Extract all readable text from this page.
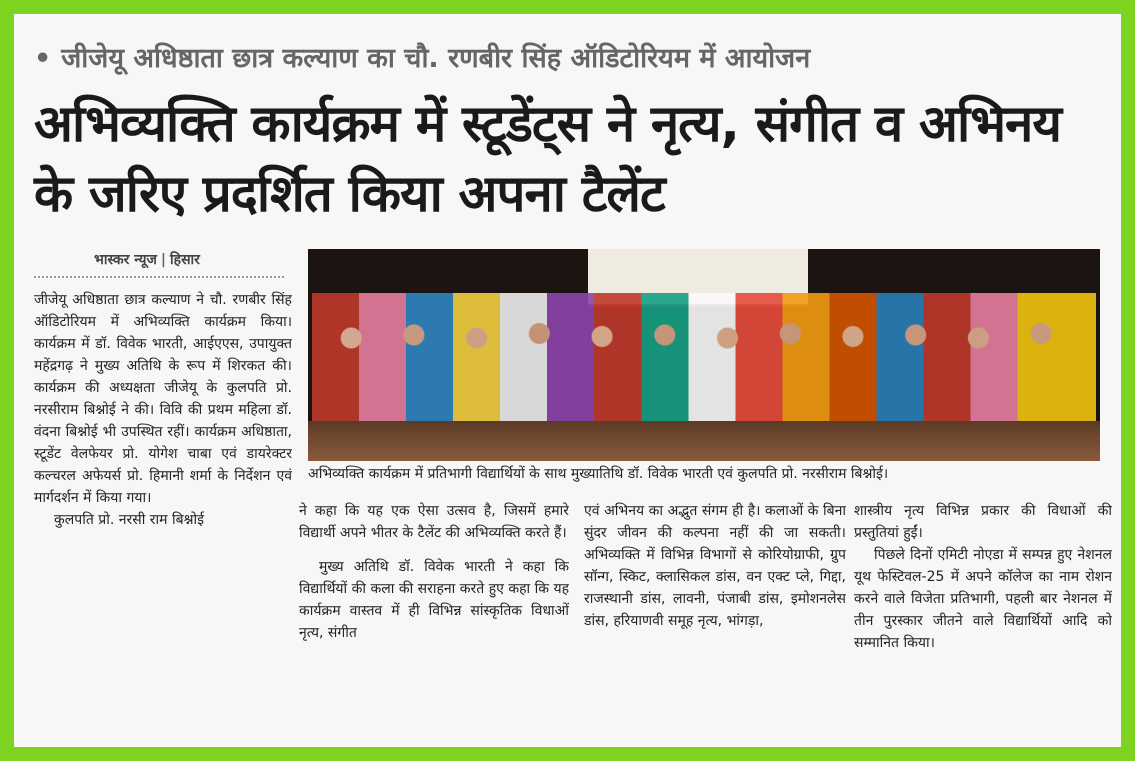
• जीजेयू अधिष्ठाता छात्र कल्याण का चौ. रणबीर सिंह ऑडिटोरियम में आयोजन
अभिव्यक्ति कार्यक्रम में स्टूडेंट्स ने नृत्य, संगीत व अभिनय के जरिए प्रदर्शित किया अपना टैलेंट
भास्कर न्यूज | हिसार

जीजेयू अधिष्ठाता छात्र कल्याण ने चौ. रणबीर सिंह ऑडिटोरियम में अभिव्यक्ति कार्यक्रम किया। कार्यक्रम में डॉ. विवेक भारती, आईएएस, उपायुक्त महेंद्रगढ़ ने मुख्य अतिथि के रूप में शिरकत की। कार्यक्रम की अध्यक्षता जीजेयू के कुलपति प्रो. नरसीराम बिश्नोई ने की। विवि की प्रथम महिला डॉ. वंदना बिश्नोई भी उपस्थित रहीं। कार्यक्रम अधिष्ठाता, स्टूडेंट वेलफेयर प्रो. योगेश चाबा एवं डायरेक्टर कल्चरल अफेयर्स प्रो. हिमानी शर्मा के निर्देशन एवं मार्गदर्शन में किया गया।

कुलपति प्रो. नरसी राम बिश्नोई

अभिव्यक्ति कार्यक्रम में प्रतिभागी विद्यार्थियों के साथ मुख्यातिथि डॉ. विवेक भारती एवं कुलपति प्रो. नरसीराम बिश्नोई।

ने कहा कि यह एक ऐसा उत्सव है, जिसमें हमारे विद्यार्थी अपने भीतर के टैलेंट की अभिव्यक्ति करते हैं।

मुख्य अतिथि डॉ. विवेक भारती ने कहा कि विद्यार्थियों की कला की सराहना करते हुए कहा कि यह कार्यक्रम वास्तव में ही विभिन्न सांस्कृतिक विधाओं नृत्य, संगीत

एवं अभिनय का अद्भुत संगम ही है। कलाओं के बिना सुंदर जीवन की कल्पना नहीं की जा सकती। अभिव्यक्ति में विभिन्न विभागों से कोरियोग्राफी, ग्रुप सॉन्ग, स्किट, क्लासिकल डांस, वन एक्ट प्ले, गिद्दा, राजस्थानी डांस, लावनी, पंजाबी डांस, इमोशनलेस डांस, हरियाणवी समूह नृत्य, भांगड़ा,

शास्त्रीय नृत्य विभिन्न प्रकार की विधाओं की प्रस्तुतियां हुईं।

पिछले दिनों एमिटी नोएडा में सम्पन्न हुए नेशनल यूथ फेस्टिवल-25 में अपने कॉलेज का नाम रोशन करने वाले विजेता प्रतिभागी, पहली बार नेशनल में तीन पुरस्कार जीतने वाले विद्यार्थियों आदि को सम्मानित किया।
